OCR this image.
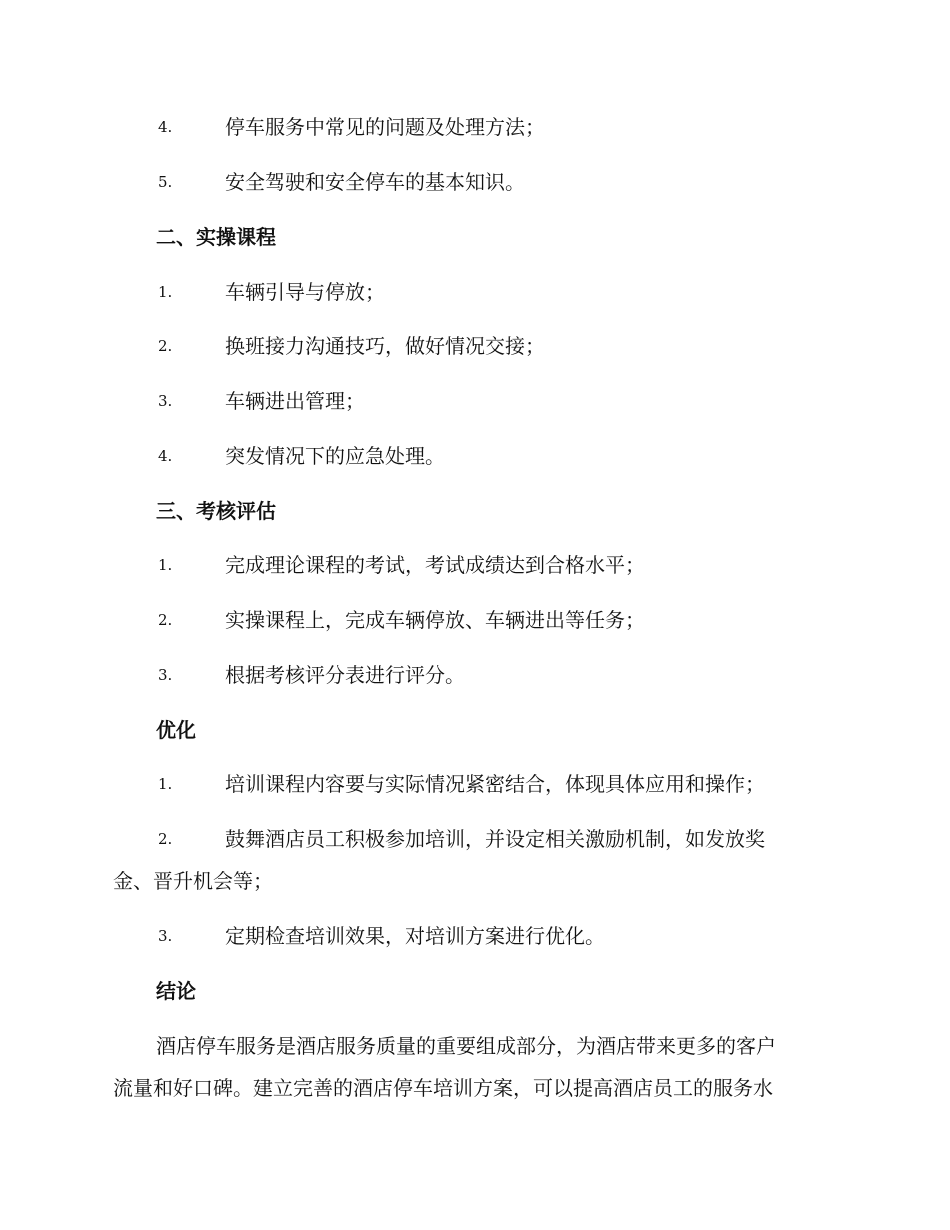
4.	停车服务中常见的问题及处理方法；
5.	安全驾驶和安全停车的基本知识。
二、实操课程
1.	车辆引导与停放；
2.	换班接力沟通技巧，做好情况交接；
3.	车辆进出管理；
4.	突发情况下的应急处理。
三、考核评估
1.	完成理论课程的考试，考试成绩达到合格水平；
2.	实操课程上，完成车辆停放、车辆进出等任务；
3.	根据考核评分表进行评分。
优化
1.	培训课程内容要与实际情况紧密结合，体现具体应用和操作；
2.	鼓舞酒店员工积极参加培训，并设定相关激励机制，如发放奖
金、晋升机会等；
3.	定期检查培训效果，对培训方案进行优化。
结论
酒店停车服务是酒店服务质量的重要组成部分，为酒店带来更多的客户
流量和好口碑。建立完善的酒店停车培训方案，可以提高酒店员工的服务水
